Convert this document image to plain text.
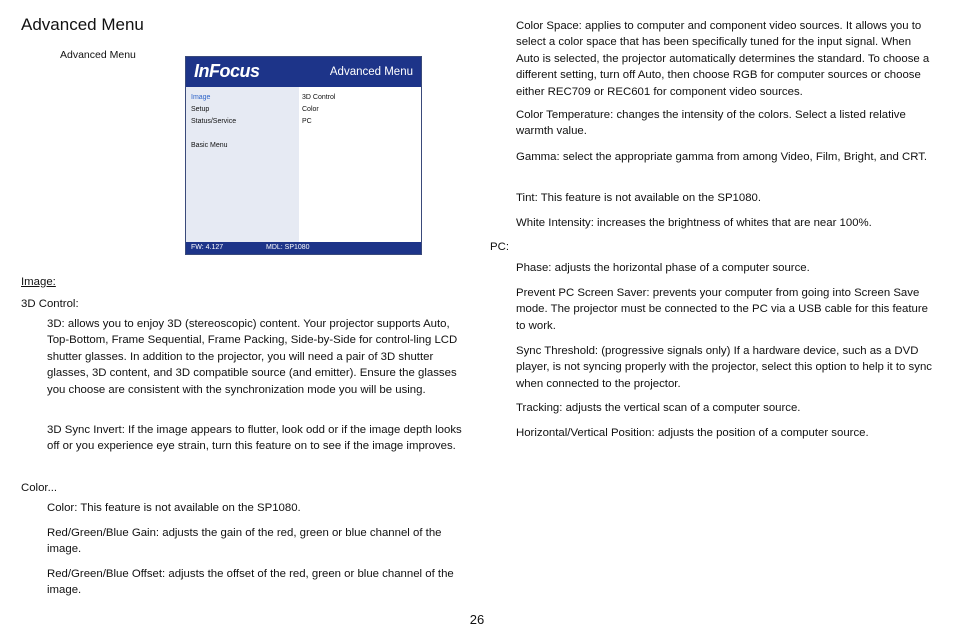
Advanced Menu
Advanced Menu
InFocus	Advanced Menu
Image
Setup
Status/Service
Basic Menu
3D Control
Color
PC
FW: 4.127	MDL: SP1080

Image:

3D Control:

3D: allows you to enjoy 3D (stereoscopic) content. Your projector supports Auto, Top-Bottom, Frame Sequential, Frame Packing, Side-by-Side for control-ling LCD shutter glasses. In addition to the projector, you will need a pair of 3D shutter glasses, 3D content, and 3D compatible source (and emitter). Ensure the glasses you choose are consistent with the synchronization mode you will be using.

3D Sync Invert: If the image appears to flutter, look odd or if the image depth looks off or you experience eye strain, turn this feature on to see if the image improves.

Color...

Color: This feature is not available on the SP1080.

Red/Green/Blue Gain: adjusts the gain of the red, green or blue channel of the image.

Red/Green/Blue Offset: adjusts the offset of the red, green or blue channel of the image.

Color Space: applies to computer and component video sources. It allows you to select a color space that has been specifically tuned for the input signal. When Auto is selected, the projector automatically determines the standard. To choose a different setting, turn off Auto, then choose RGB for computer sources or choose either REC709 or REC601 for component video sources.

Color Temperature: changes the intensity of the colors. Select a listed relative warmth value.

Gamma: select the appropriate gamma from among Video, Film, Bright, and CRT.

Tint: This feature is not available on the SP1080.

White Intensity: increases the brightness of whites that are near 100%.

PC:

Phase: adjusts the horizontal phase of a computer source.

Prevent PC Screen Saver: prevents your computer from going into Screen Save mode. The projector must be connected to the PC via a USB cable for this feature to work.

Sync Threshold: (progressive signals only) If a hardware device, such as a DVD player, is not syncing properly with the projector, select this option to help it to sync when connected to the projector.

Tracking: adjusts the vertical scan of a computer source.

Horizontal/Vertical Position: adjusts the position of a computer source.

26
